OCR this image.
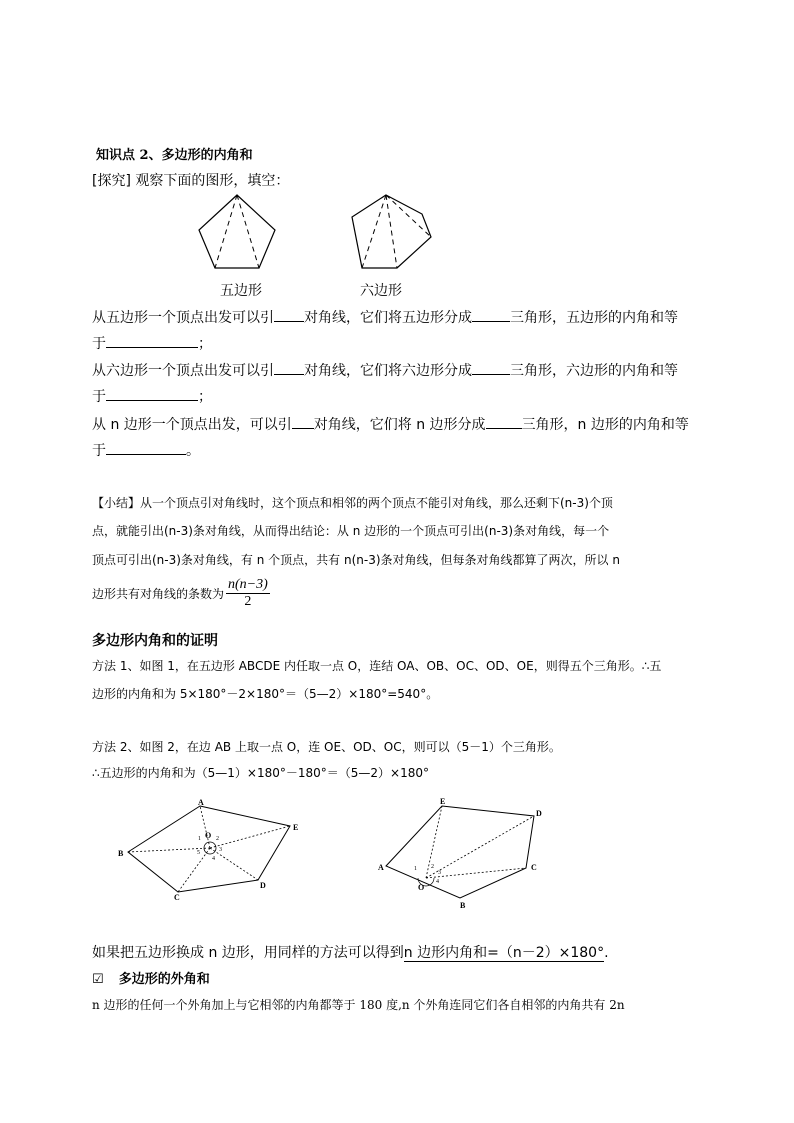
知识点 2、多边形的内角和
[探究] 观察下面的图形，填空：
五边形	六边形
从五边形一个顶点出发可以引 对角线，它们将五边形分成	三角形，五边形的内角和等
于	；
从六边形一个顶点出发可以引 对角线，它们将六边形分成	三角形，六边形的内角和等
于	；
从 n 边形一个顶点出发，可以引 对角线，它们将 n 边形分成	三角形，n 边形的内角和等
于	。
【小结】从一个顶点引对角线时，这个顶点和相邻的两个顶点不能引对角线，那么还剩下(n-3)个顶
点，就能引出(n-3)条对角线，从而得出结论：从 n 边形的一个顶点可引出(n-3)条对角线，每一个
顶点可引出(n-3)条对角线，有 n 个顶点，共有 n(n-3)条对角线，但每条对角线都算了两次，所以 n
边形共有对角线的条数为 $\frac{n(n-3)}{2}$
多边形内角和的证明
方法 1、如图 1，在五边形 ABCDE 内任取一点 O，连结 OA、OB、OC、OD、OE，则得五个三角形。∴五
边形的内角和为 5×180°－2×180°＝（5—2）×180°=540°。
方法 2、如图 2，在边 AB 上取一点 O，连 OE、OD、OC，则可以（5－1）个三角形。
∴五边形的内角和为（5—1）×180°－180°＝（5—2）×180°
A
E
D
C
B
O
1	2
3
4
5
E
D
C
B
A
O
1 2
3
4
如果把五边形换成 n 边形，用同样的方法可以得到n 边形内角和=（n－2）×180°.
☑ 多边形的外角和
n 边形的任何一个外角加上与它相邻的内角都等于 180 度,n 个外角连同它们各自相邻的内角共有 2n
